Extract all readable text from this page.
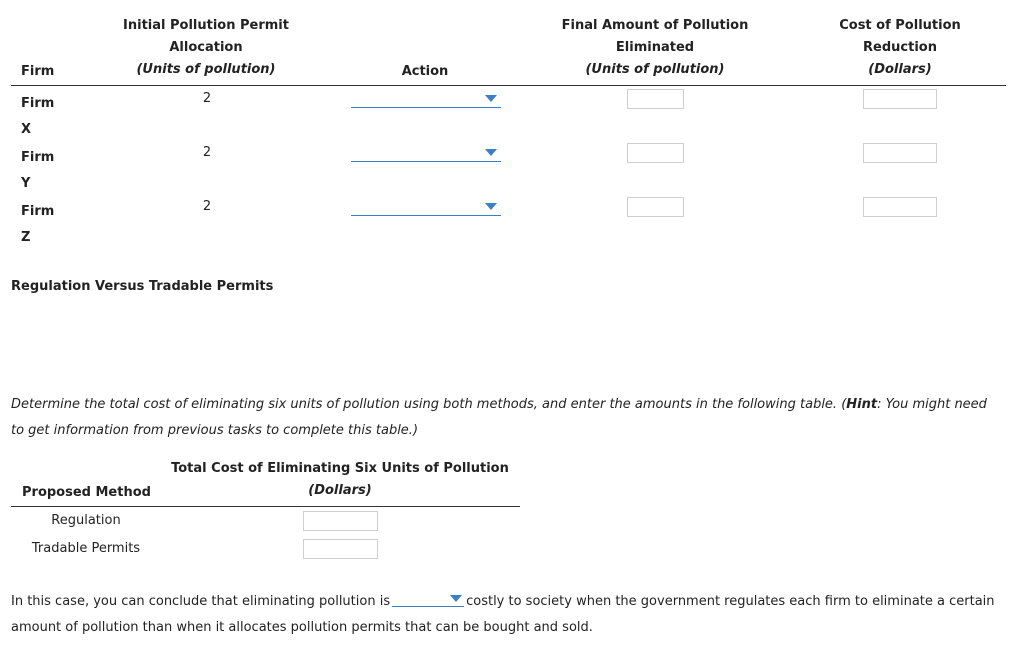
Initial Pollution Permit
Allocation
(Units of pollution)
Final Amount of Pollution
Eliminated
(Units of pollution)
Cost of Pollution
Reduction
(Dollars)
Firm	Action
Firm
X
2
Firm
Y
2
Firm
Z
2
Regulation Versus Tradable Permits
Determine the total cost of eliminating six units of pollution using both methods, and enter the amounts in the following table. (Hint: You might need
to get information from previous tasks to complete this table.)
Total Cost of Eliminating Six Units of Pollution
(Dollars)
Proposed Method
Regulation
Tradable Permits
In this case, you can conclude that eliminating pollution is	costly to society when the government regulates each firm to eliminate a certain
amount of pollution than when it allocates pollution permits that can be bought and sold.
